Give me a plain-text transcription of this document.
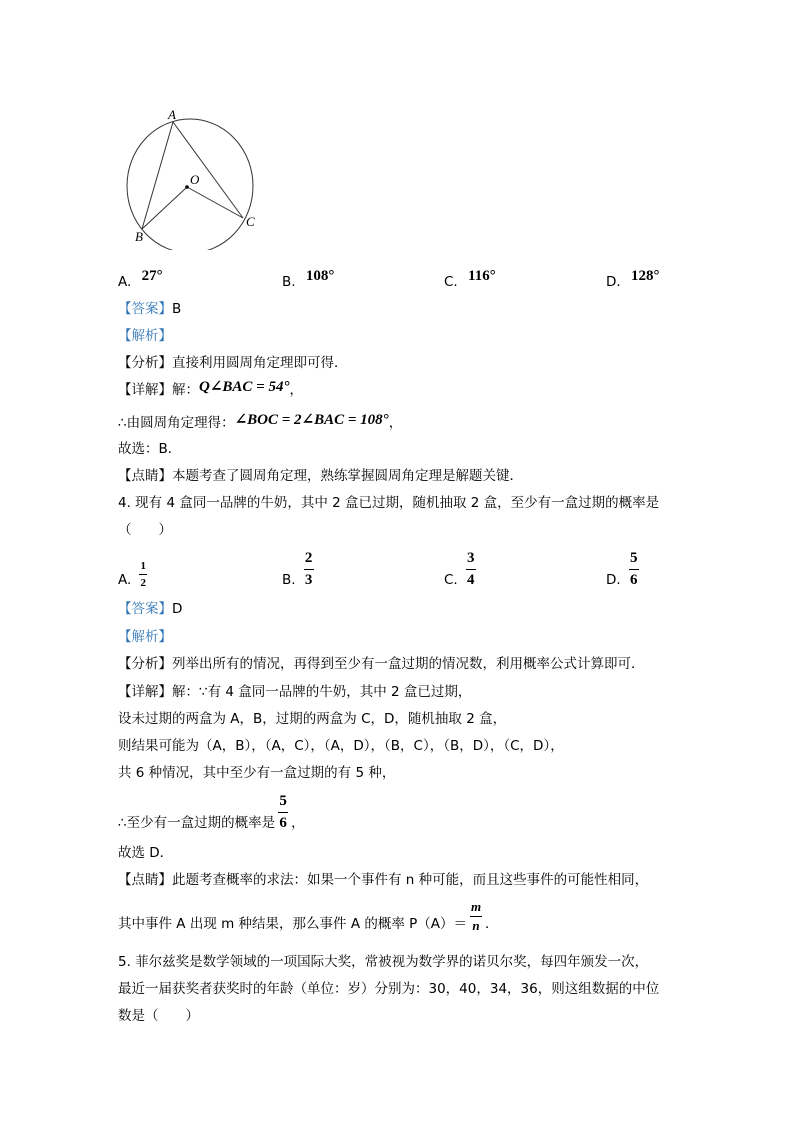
A
O
B
C
A. 27°	B. 108°	C. 116°	D. 128°
【答案】B
【解析】
【分析】直接利用圆周角定理即可得．
【详解】解：Q∠BAC = 54°，
∴由圆周角定理得：∠BOC = 2∠BAC = 108°，
故选：B．
【点睛】本题考查了圆周角定理，熟练掌握圆周角定理是解题关键．
4. 现有 4 盒同一品牌的牛奶，其中 2 盒已过期，随机抽取 2 盒，至少有一盒过期的概率是
（　　）
A.
1
2	B.
2
3	C.
3
4	D.
5
6
【答案】D
【解析】
【分析】列举出所有的情况，再得到至少有一盒过期的情况数，利用概率公式计算即可．
【详解】解：∵有 4 盒同一品牌的牛奶，其中 2 盒已过期，
设未过期的两盒为 A，B，过期的两盒为 C，D，随机抽取 2 盒，
则结果可能为（A，B），（A，C），（A，D），（B，C），（B，D），（C，D），
共 6 种情况，其中至少有一盒过期的有 5 种，
∴至少有一盒过期的概率是
5
6 ，
故选 D．
【点睛】此题考查概率的求法：如果一个事件有 n 种可能，而且这些事件的可能性相同，
其中事件 A 出现 m 种结果，那么事件 A 的概率 P（A）＝
m
n ．
5. 菲尔兹奖是数学领域的一项国际大奖，常被视为数学界的诺贝尔奖，每四年颁发一次，
最近一届获奖者获奖时的年龄（单位：岁）分别为：30，40，34，36，则这组数据的中位
数是（　　）
